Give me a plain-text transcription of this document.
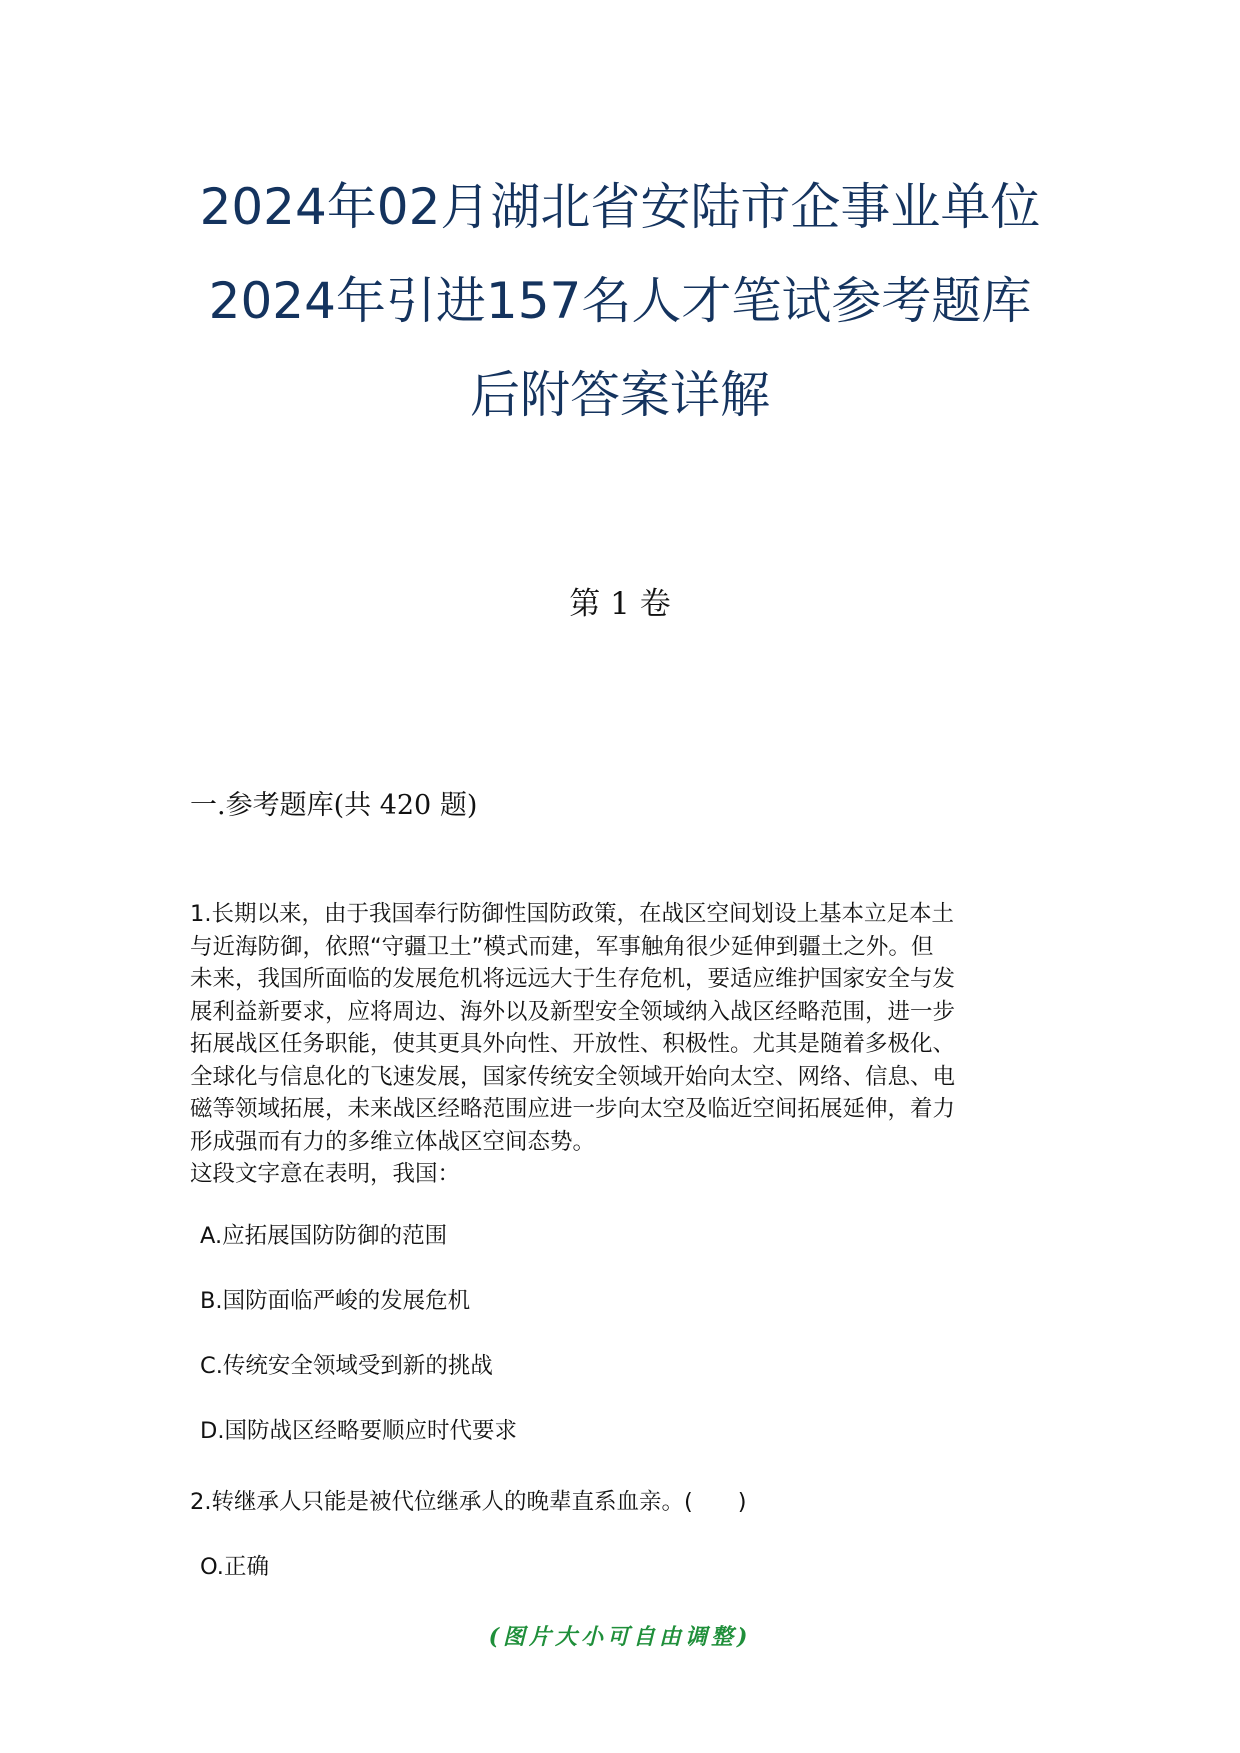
2024年02月湖北省安陆市企事业单位
2024年引进157名人才笔试参考题库
后附答案详解
第 1 卷
一.参考题库(共 420 题)

1.长期以来，由于我国奉行防御性国防政策，在战区空间划设上基本立足本土
与近海防御，依照“守疆卫土”模式而建，军事触角很少延伸到疆土之外。但
未来，我国所面临的发展危机将远远大于生存危机，要适应维护国家安全与发
展利益新要求，应将周边、海外以及新型安全领域纳入战区经略范围，进一步
拓展战区任务职能，使其更具外向性、开放性、积极性。尤其是随着多极化、
全球化与信息化的飞速发展，国家传统安全领域开始向太空、网络、信息、电
磁等领域拓展，未来战区经略范围应进一步向太空及临近空间拓展延伸，着力
形成强而有力的多维立体战区空间态势。
这段文字意在表明，我国：

A.应拓展国防防御的范围
B.国防面临严峻的发展危机
C.传统安全领域受到新的挑战
D.国防战区经略要顺应时代要求
2.转继承人只能是被代位继承人的晚辈直系血亲。(　　)
O.正确
(图片大小可自由调整)
